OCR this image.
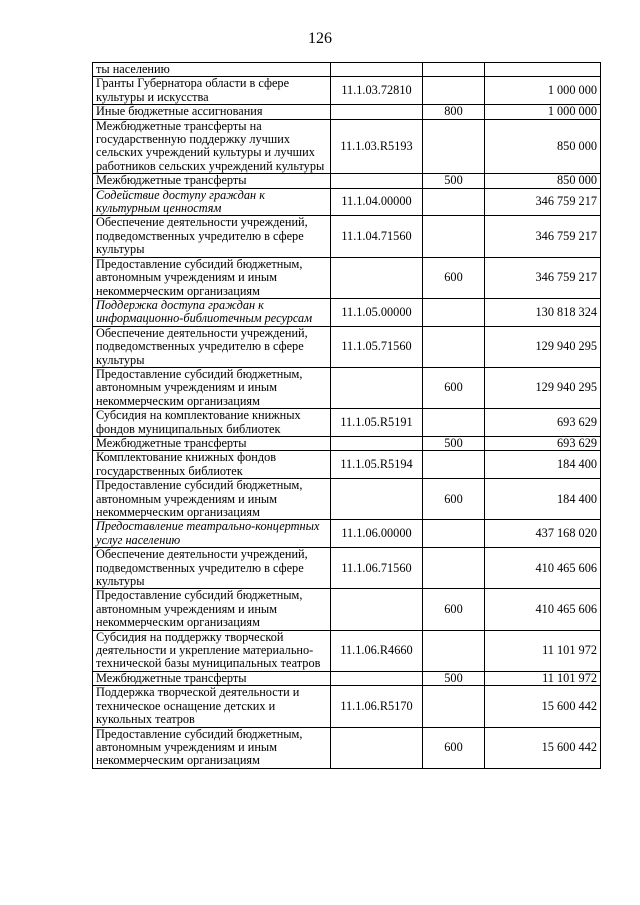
126
ты населению			
Гранты Губернатора области в сфере культуры и искусства	11.1.03.72810		1 000 000
Иные бюджетные ассигнования		800	1 000 000
Межбюджетные трансферты на государственную поддержку лучших сельских учреждений культуры и лучших работников сельских учреждений культуры	11.1.03.R5193		850 000
Межбюджетные трансферты		500	850 000
Содействие доступу граждан к культурным ценностям	11.1.04.00000		346 759 217
Обеспечение деятельности учреждений, подведомственных учредителю в сфере культуры	11.1.04.71560		346 759 217
Предоставление субсидий бюджетным, автономным учреждениям и иным некоммерческим организациям		600	346 759 217
Поддержка доступа граждан к информационно-библиотечным ресурсам	11.1.05.00000		130 818 324
Обеспечение деятельности учреждений, подведомственных учредителю в сфере культуры	11.1.05.71560		129 940 295
Предоставление субсидий бюджетным, автономным учреждениям и иным некоммерческим организациям		600	129 940 295
Субсидия на комплектование книжных фондов муниципальных библиотек	11.1.05.R5191		693 629
Межбюджетные трансферты		500	693 629
Комплектование книжных фондов государственных библиотек	11.1.05.R5194		184 400
Предоставление субсидий бюджетным, автономным учреждениям и иным некоммерческим организациям		600	184 400
Предоставление театрально-концертных услуг населению	11.1.06.00000		437 168 020
Обеспечение деятельности учреждений, подведомственных учредителю в сфере культуры	11.1.06.71560		410 465 606
Предоставление субсидий бюджетным, автономным учреждениям и иным некоммерческим организациям		600	410 465 606
Субсидия на поддержку творческой деятельности и укрепление материально-технической базы муниципальных театров	11.1.06.R4660		11 101 972
Межбюджетные трансферты		500	11 101 972
Поддержка творческой деятельности и техническое оснащение детских и кукольных театров	11.1.06.R5170		15 600 442
Предоставление субсидий бюджетным, автономным учреждениям и иным некоммерческим организациям		600	15 600 442
